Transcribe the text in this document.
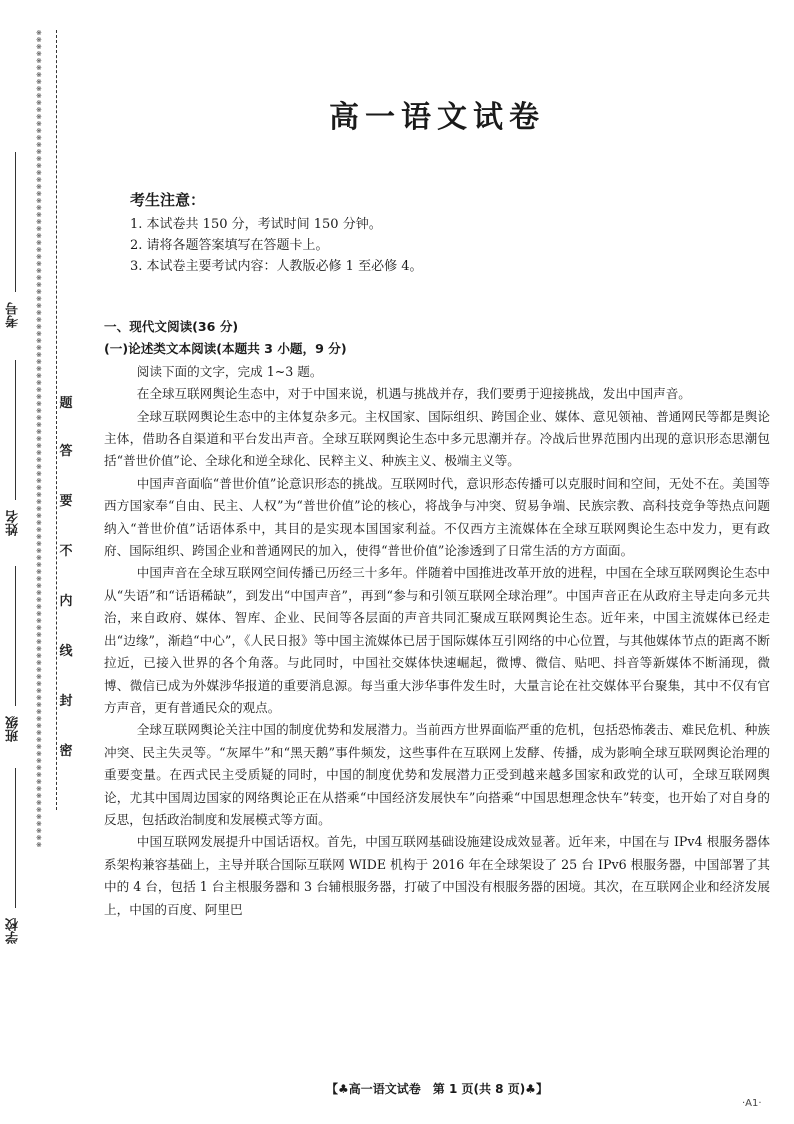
※※※※※※※※※※※※※※※※※※※※※※※※※※※※※※※※※※※※※※※※※※※※※※※※※※※※※※※※※※※※※※※※※※※※※※※※※※※※※※※※※※※※※※※※※※※※※※※※※※※※※※※※※※※※※※※※※※※※※
题
答
要
不
内
线
封
密
考号
姓名
班级
学校
高一语文试卷
考生注意：
1. 本试卷共 150 分，考试时间 150 分钟。
2. 请将各题答案填写在答题卡上。
3. 本试卷主要考试内容：人教版必修 1 至必修 4。
一、现代文阅读(36 分)
(一)论述类文本阅读(本题共 3 小题，9 分)

阅读下面的文字，完成 1~3 题。

在全球互联网舆论生态中，对于中国来说，机遇与挑战并存，我们要勇于迎接挑战，发出中国声音。

全球互联网舆论生态中的主体复杂多元。主权国家、国际组织、跨国企业、媒体、意见领袖、普通网民等都是舆论主体，借助各自渠道和平台发出声音。全球互联网舆论生态中多元思潮并存。冷战后世界范围内出现的意识形态思潮包括“普世价值”论、全球化和逆全球化、民粹主义、种族主义、极端主义等。

中国声音面临“普世价值”论意识形态的挑战。互联网时代，意识形态传播可以克服时间和空间，无处不在。美国等西方国家奉“自由、民主、人权”为“普世价值”论的核心，将战争与冲突、贸易争端、民族宗教、高科技竞争等热点问题纳入“普世价值”话语体系中，其目的是实现本国国家利益。不仅西方主流媒体在全球互联网舆论生态中发力，更有政府、国际组织、跨国企业和普通网民的加入，使得“普世价值”论渗透到了日常生活的方方面面。

中国声音在全球互联网空间传播已历经三十多年。伴随着中国推进改革开放的进程，中国在全球互联网舆论生态中从“失语”和“话语稀缺”，到发出“中国声音”，再到“参与和引领互联网全球治理”。中国声音正在从政府主导走向多元共治，来自政府、媒体、智库、企业、民间等各层面的声音共同汇聚成互联网舆论生态。近年来，中国主流媒体已经走出“边缘”，渐趋“中心”，《人民日报》等中国主流媒体已居于国际媒体互引网络的中心位置，与其他媒体节点的距离不断拉近，已接入世界的各个角落。与此同时，中国社交媒体快速崛起，微博、微信、贴吧、抖音等新媒体不断涌现，微博、微信已成为外媒涉华报道的重要消息源。每当重大涉华事件发生时，大量言论在社交媒体平台聚集，其中不仅有官方声音，更有普通民众的观点。

全球互联网舆论关注中国的制度优势和发展潜力。当前西方世界面临严重的危机，包括恐怖袭击、难民危机、种族冲突、民主失灵等。“灰犀牛”和“黑天鹅”事件频发，这些事件在互联网上发酵、传播，成为影响全球互联网舆论治理的重要变量。在西式民主受质疑的同时，中国的制度优势和发展潜力正受到越来越多国家和政党的认可，全球互联网舆论，尤其中国周边国家的网络舆论正在从搭乘“中国经济发展快车”向搭乘“中国思想理念快车”转变，也开始了对自身的反思，包括政治制度和发展模式等方面。

中国互联网发展提升中国话语权。首先，中国互联网基础设施建设成效显著。近年来，中国在与 IPv4 根服务器体系架构兼容基础上，主导并联合国际互联网 WIDE 机构于 2016 年在全球架设了 25 台 IPv6 根服务器，中国部署了其中的 4 台，包括 1 台主根服务器和 3 台辅根服务器，打破了中国没有根服务器的困境。其次，在互联网企业和经济发展上，中国的百度、阿里巴

【♣高一语文试卷　第 1 页(共 8 页)♣】
·A1·
